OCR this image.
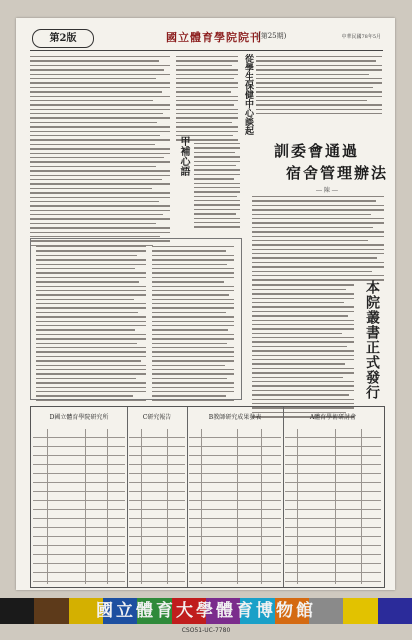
第2版	國立體育學院院刊
(第25期)	中華民國78年5月
從學生保健中心談起
甲補心語	訓委會通過
宿舍管理辦法
― 陳 ―
本院叢書正式發行
D國立體育學院研究所	C研究報告	B教師研究成果發表	A體育學術研討會
國立體育大學體育博物館
CSO51-UC-7780
